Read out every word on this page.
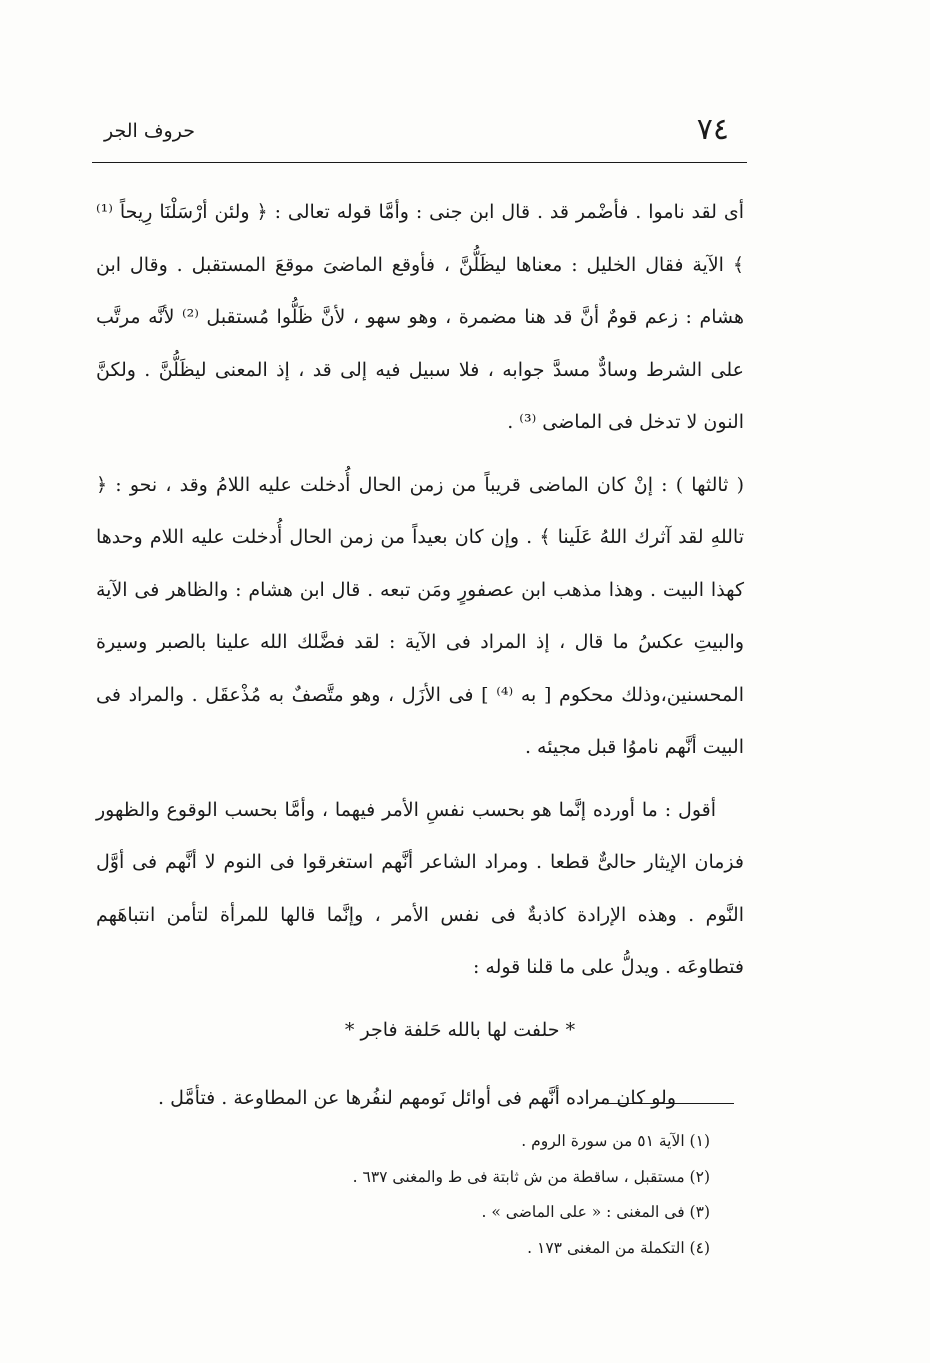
حروف الجر	٧٤

أى لقد ناموا . فأضْمر قد . قال ابن جنى : وأمَّا قوله تعالى : ﴿ ولئن أرْسَلْنَا رِيحاً ⁽¹⁾ ﴾ الآية فقال الخليل : معناها ليظَلُّنَّ ، فأوقع الماضىَ موقعَ المستقبل . وقال ابن هشام : زعم قومٌ أنَّ قد هنا مضمرة ، وهو سهو ، لأنَّ ظَلُّوا مُستقبل ⁽²⁾ لأنَّه مرتَّب على الشرط وسادٌّ مسدَّ جوابه ، فلا سبيل فيه إلى قد ، إذ المعنى ليظَلُّنَّ . ولكنَّ النون لا تدخل فى الماضى ⁽³⁾ .

( ثالثها ) : إنْ كان الماضى قريباً من زمن الحال أُدخلت عليه اللامُ وقد ، نحو : ﴿ تاللهِ لقد آثرك اللهُ عَلَينا ﴾ . وإن كان بعيداً من زمن الحال أُدخلت عليه اللام وحدها كهذا البيت . وهذا مذهب ابن عصفورٍ ومَن تبعه . قال ابن هشام : والظاهر فى الآية والبيتِ عكسُ ما قال ، إذ المراد فى الآية : لقد فضَّلك الله علينا بالصبر وسيرة المحسنين،وذلك محكوم [ به ⁽⁴⁾ ] فى الأزَل ، وهو متَّصفٌ به مُذْعقَل . والمراد فى البيت أنَّهم ناموُا قبل مجيئه .

أقول : ما أورده إنَّما هو بحسب نفسِ الأمر فيهما ، وأمَّا بحسب الوقوع والظهور فزمان الإيثار حالىٌّ قطعا . ومراد الشاعر أنَّهم استغرقوا فى النوم لا أنَّهم فى أوَّل النَّوم . وهذه الإرادة كاذبةٌ فى نفس الأمر ، وإنَّما قالها للمرأة لتأمن انتباهَهم فتطاوعَه . ويدلُّ على ما قلنا قوله :

* حلفت لها بالله حَلفة فاجر *

ولو كان مراده أنَّهم فى أوائل نَومهم لنفُرها عن المطاوعة . فتأمَّل .

(١) الآية ٥١ من سورة الروم .
(٢) مستقبل ، ساقطة من ش ثابتة فى ط والمغنى ٦٣٧ .
(٣) فى المغنى : « على الماضى » .
(٤) التكملة من المغنى ١٧٣ .
